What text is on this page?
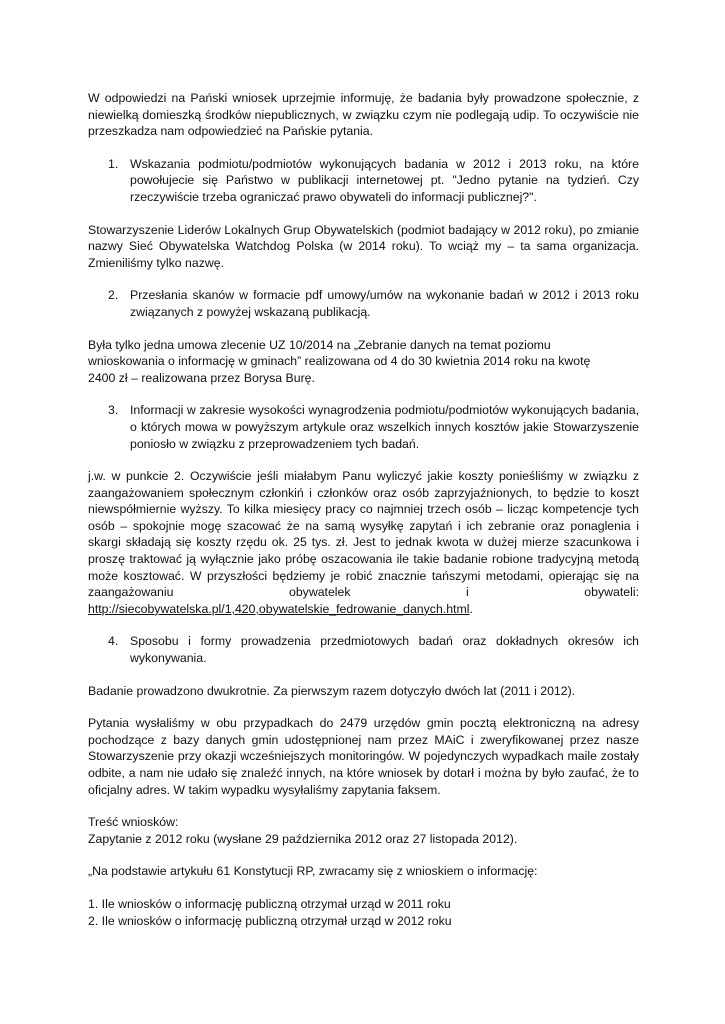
W odpowiedzi na Pański wniosek uprzejmie informuję, że badania były prowadzone społecznie, z niewielką domieszką środków niepublicznych, w związku czym nie podlegają udip. To oczywiście nie przeszkadza nam odpowiedzieć na Pańskie pytania.

1. Wskazania podmiotu/podmiotów wykonujących badania w 2012 i 2013 roku, na które powołujecie się Państwo w publikacji internetowej pt. "Jedno pytanie na tydzień. Czy rzeczywiście trzeba ograniczać prawo obywateli do informacji publicznej?".

Stowarzyszenie Liderów Lokalnych Grup Obywatelskich (podmiot badający w 2012 roku), po zmianie nazwy Sieć Obywatelska Watchdog Polska (w 2014 roku). To wciąż my – ta sama organizacja. Zmieniliśmy tylko nazwę.

2. Przesłania skanów w formacie pdf umowy/umów na wykonanie badań w 2012 i 2013 roku związanych z powyżej wskazaną publikacją.

Była tylko jedna umowa zlecenie UZ 10/2014 na „Zebranie danych na temat poziomu
wnioskowania o informację w gminach” realizowana od 4 do 30 kwietnia 2014 roku na kwotę
2400 zł – realizowana przez Borysa Burę.

3. Informacji w zakresie wysokości wynagrodzenia podmiotu/podmiotów wykonujących badania, o których mowa w powyższym artykule oraz wszelkich innych kosztów jakie Stowarzyszenie poniosło w związku z przeprowadzeniem tych badań.

j.w. w punkcie 2. Oczywiście jeśli miałabym Panu wyliczyć jakie koszty ponieśliśmy w związku z zaangażowaniem społecznym członkiń i członków oraz osób zaprzyjaźnionych, to będzie to koszt niewspółmiernie wyższy. To kilka miesięcy pracy co najmniej trzech osób – licząc kompetencje tych osób – spokojnie mogę szacować że na samą wysyłkę zapytań i ich zebranie oraz ponaglenia i skargi składają się koszty rzędu ok. 25 tys. zł. Jest to jednak kwota w dużej mierze szacunkowa i proszę traktować ją wyłącznie jako próbę oszacowania ile takie badanie robione tradycyjną metodą może kosztować. W przyszłości będziemy je robić znacznie tańszymi metodami, opierając się na zaangażowaniu obywatelek i obywateli: http://siecobywatelska.pl/1,420,obywatelskie_fedrowanie_danych.html.

4. Sposobu i formy prowadzenia przedmiotowych badań oraz dokładnych okresów ich wykonywania.

Badanie prowadzono dwukrotnie. Za pierwszym razem dotyczyło dwóch lat (2011 i 2012).

Pytania wysłaliśmy w obu przypadkach do 2479 urzędów gmin pocztą elektroniczną na adresy pochodzące z bazy danych gmin udostępnionej nam przez MAiC i zweryfikowanej przez nasze Stowarzyszenie przy okazji wcześniejszych monitoringów. W pojedynczych wypadkach maile zostały odbite, a nam nie udało się znaleźć innych, na które wniosek by dotarł i można by było zaufać, że to oficjalny adres. W takim wypadku wysyłaliśmy zapytania faksem.

Treść wniosków:
Zapytanie z 2012 roku (wysłane 29 października 2012 oraz 27 listopada 2012).

„Na podstawie artykułu 61 Konstytucji RP, zwracamy się z wnioskiem o informację:

1. Ile wniosków o informację publiczną otrzymał urząd w 2011 roku
2. Ile wniosków o informację publiczną otrzymał urząd w 2012 roku
